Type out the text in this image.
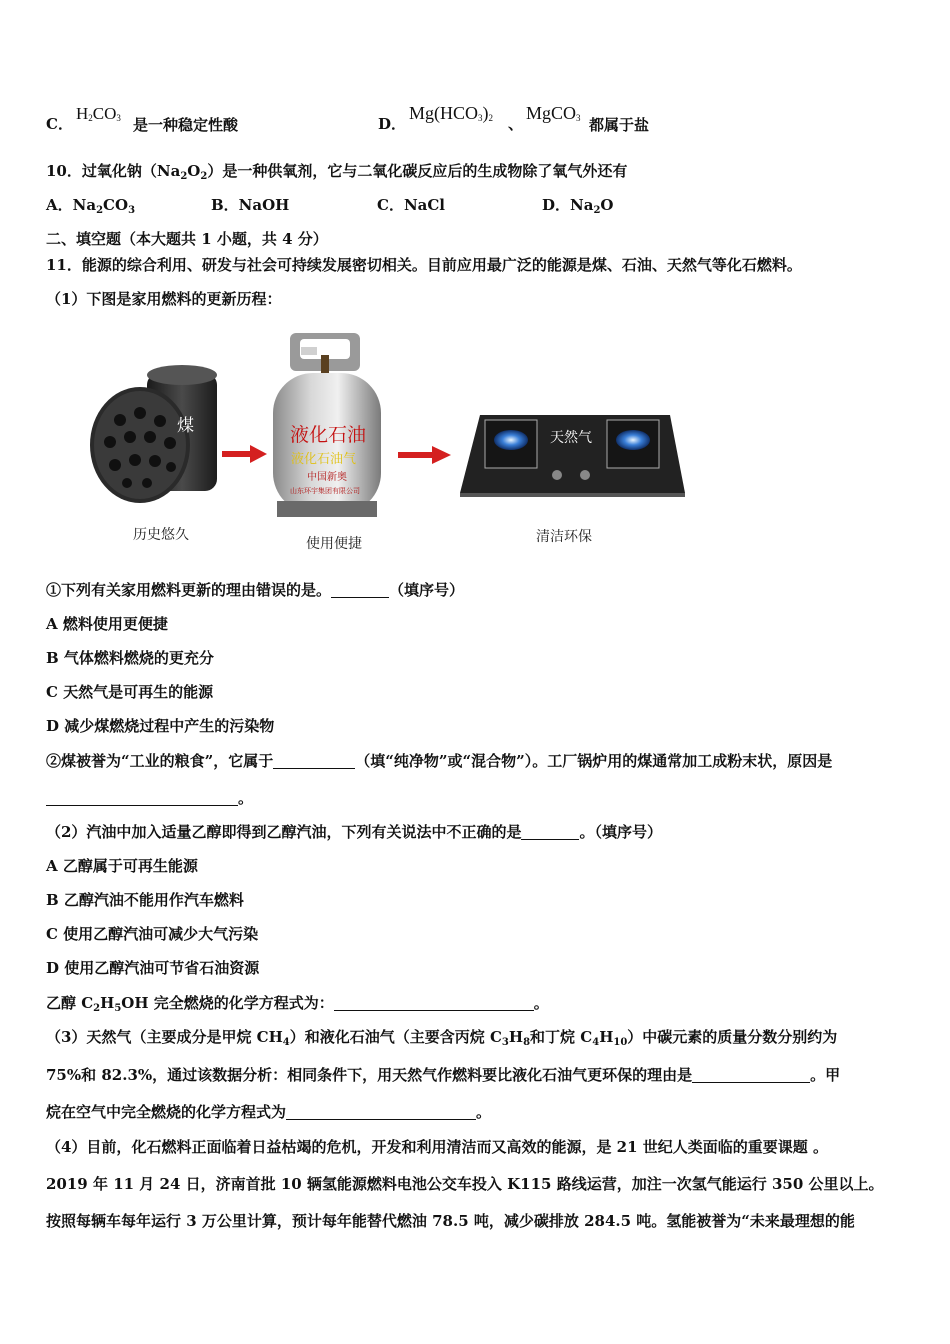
C．
H2CO3 是一种稳定性酸	D．
Mg(HCO3)2 、
MgCO3 都属于盐
10．过氧化钠$(Na_2O_2)$是一种供氧剂，它与二氧化碳反应后的生成物除了氧气外还有
A．$Na_2CO_3$	B．NaOH	C．NaCl	D．$Na_2O$
二、填空题（本大题共 1 小题，共 4 分）
11．能源的综合利用、研发与社会可持续发展密切相关。目前应用最广泛的能源是煤、石油、天然气等化石燃料。
（1）下图是家用燃料的更新历程：
煤	液化石油
液化石油气
中国新奥
山东环宇集团有限公司
天然气
历史悠久
使用便捷	清洁环保
①下列有关家用燃料更新的理由错误的是。	（填序号）
A 燃料使用更便捷
B 气体燃料燃烧的更充分
C 天然气是可再生的能源
D 减少煤燃烧过程中产生的污染物
②煤被誉为“工业的粮食”，它属于	（填“纯净物”或“混合物”）。工厂锅炉用的煤通常加工成粉末状，原因是
。
（2）汽油中加入适量乙醇即得到乙醇汽油，下列有关说法中不正确的是	。（填序号）
A 乙醇属于可再生能源
B 乙醇汽油不能用作汽车燃料
C 使用乙醇汽油可减少大气污染
D 使用乙醇汽油可节省石油资源
乙醇 $C_2H_5OH$ 完全燃烧的化学方程式为：	。
（3）天然气（主要成分是甲烷 $CH_4$）和液化石油气（主要含丙烷 $C_3H_8$和丁烷 $C_4H_{10}$）中碳元素的质量分数分别约为
75%和 82.3%，通过该数据分析：相同条件下，用天然气作燃料要比液化石油气更环保的理由是	。甲
烷在空气中完全燃烧的化学方程式为	。
（4）目前，化石燃料正面临着日益枯竭的危机，开发和利用清洁而又高效的能源，是 21 世纪人类面临的重要课题 。
2019 年 11 月 24 日，济南首批 10 辆氢能源燃料电池公交车投入 K115 路线运营，加注一次氢气能运行 350 公里以上。
按照每辆车每年运行 3 万公里计算，预计每年能替代燃油 78.5 吨，减少碳排放 284.5 吨。氢能被誉为“未来最理想的能
